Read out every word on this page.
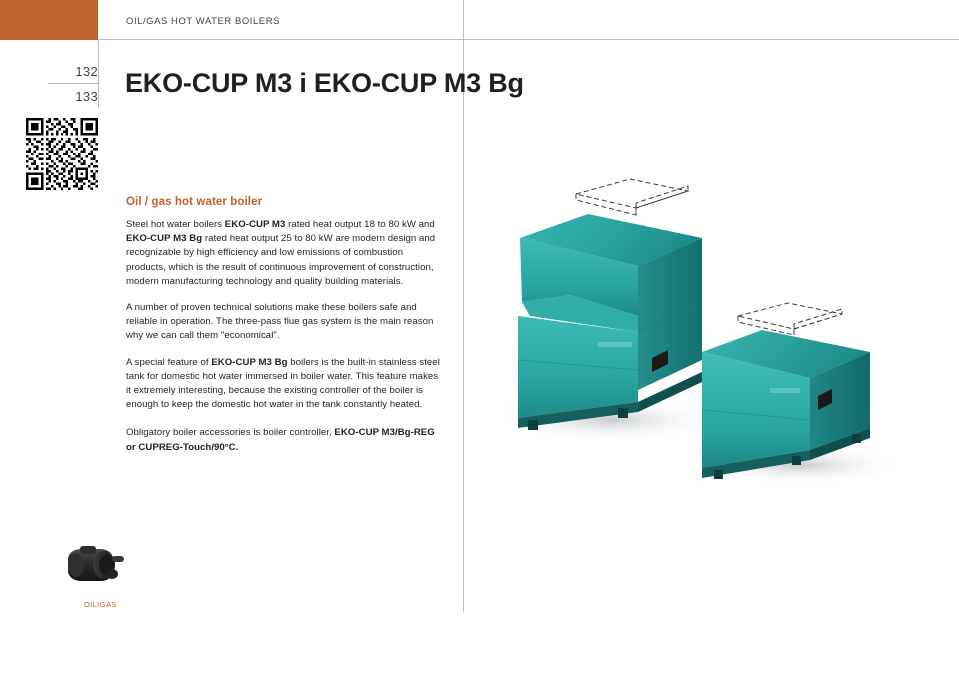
OIL/GAS HOT WATER BOILERS
132
133 EKO-CUP M3 i EKO-CUP M3 Bg
Oil / gas hot water boiler

Steel hot water boilers EKO-CUP M3 rated heat output 18 to 80 kW and EKO-CUP M3 Bg rated heat output 25 to 80 kW are modern design and recognizable by high efficiency and low emissions of combustion products, which is the result of continuous improvement of construction, modern manufacturing technology and quality building materials.

A number of proven technical solutions make these boilers safe and reliable in operation. The three-pass flue gas system is the main reason why we can call them "economical".

A special feature of EKO-CUP M3 Bg boilers is the built-in stainless steel tank for domestic hot water immersed in boiler water. This feature makes it extremely interesting, because the existing controller of the boiler is enough to keep the domestic hot water in the tank constantly heated.

Obligatory boiler accessories is boiler controller, EKO-CUP M3/Bg-REG or CUPREG-Touch/90°C.

OIL/GAS
